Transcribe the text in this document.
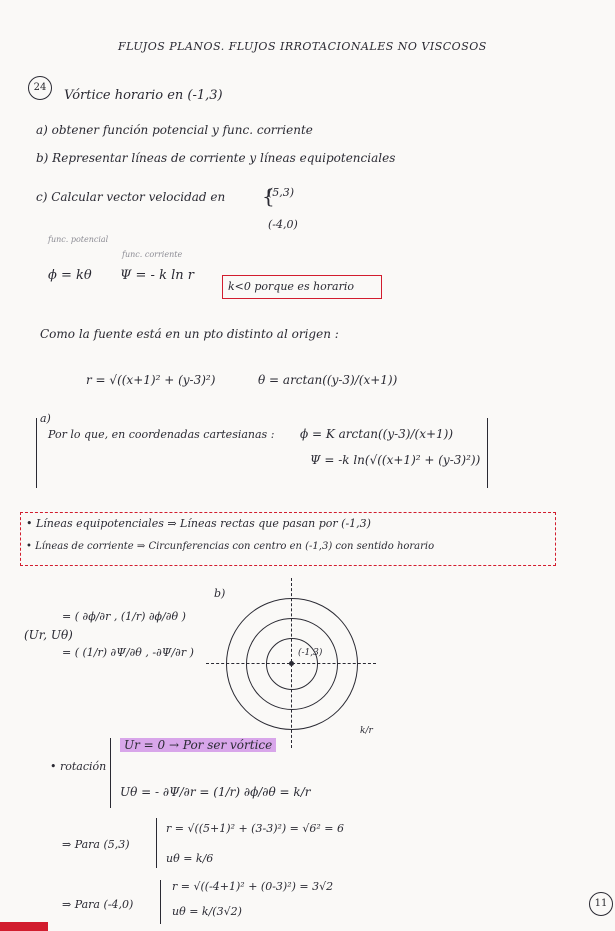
FLUJOS PLANOS. FLUJOS IRROTACIONALES NO VISCOSOS
24
Vórtice horario en (-1,3)
a) obtener función potencial y func. corriente
b) Representar líneas de corriente y líneas equipotenciales
c) Calcular vector velocidad en {
(5,3)
(-4,0)
func. potencial
func. corriente
ϕ = kθ Ψ = - k ln r
k<0 porque es horario
Como la fuente está en un pto distinto al origen :
r = √((x+1)² + (y-3)²)	θ = arctan((y-3)/(x+1))
a)
Por lo que, en coordenadas cartesianas : ϕ = K arctan((y-3)/(x+1))
Ψ = -k ln(√((x+1)² + (y-3)²))
• Líneas equipotenciales ⇒ Líneas rectas que pasan por (-1,3)
• Líneas de corriente ⇒ Circunferencias con centro en (-1,3) con sentido horario
(Ur, Uθ)
= ( ∂ϕ/∂r , (1/r) ∂ϕ/∂θ )
= ( (1/r) ∂Ψ/∂θ , -∂Ψ/∂r )
b)
(-1,3)
k/r
• rotación
Ur = 0 → Por ser vórtice
Uθ = - ∂Ψ/∂r = (1/r) ∂ϕ/∂θ = k/r
⇒ Para (5,3)
r = √((5+1)² + (3-3)²) = √6² = 6
uθ = k/6
⇒ Para (-4,0)
r = √((-4+1)² + (0-3)²) = 3√2
uθ = k/(3√2)
11
